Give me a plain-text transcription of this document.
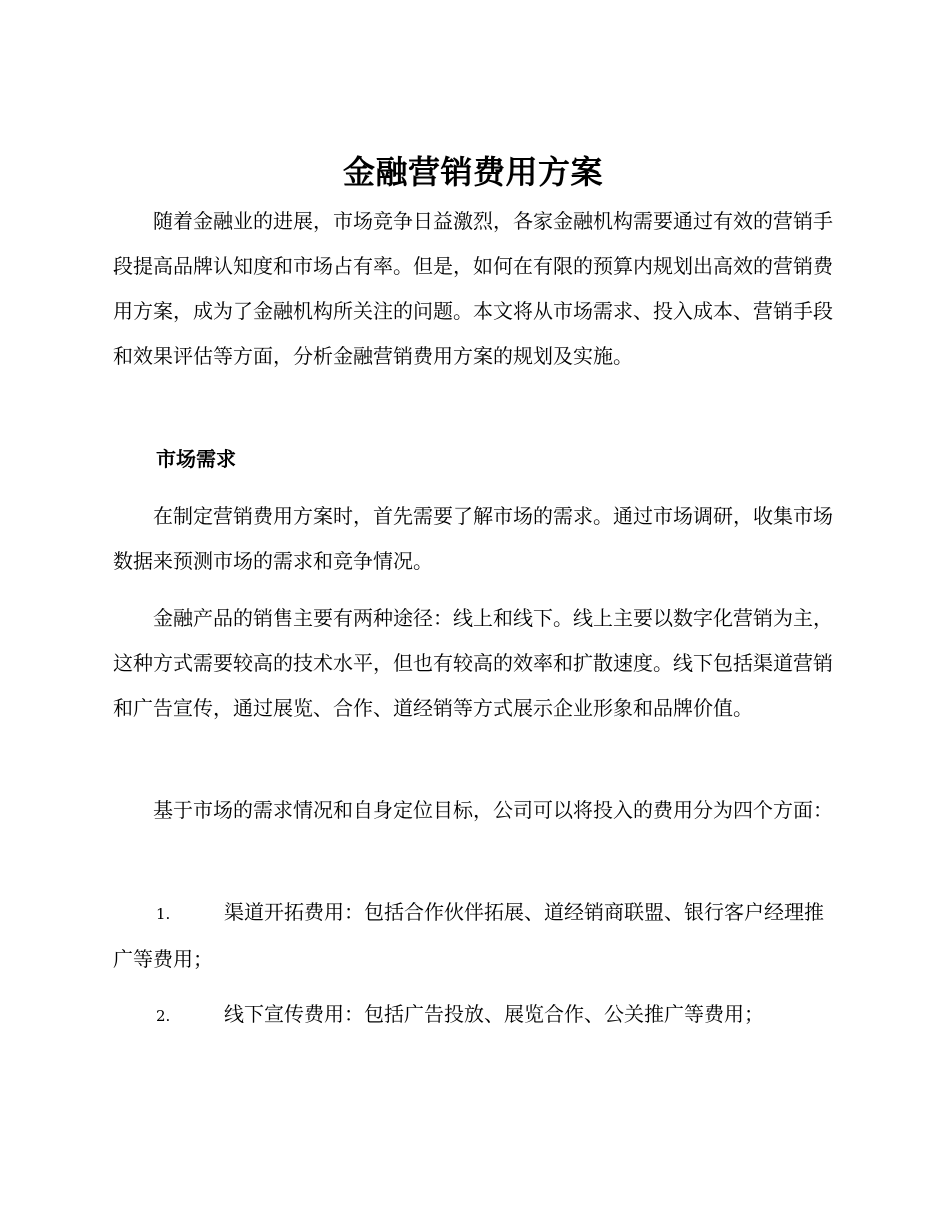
金融营销费用方案

随着金融业的进展，市场竞争日益激烈，各家金融机构需要通过有效的营销手段提高品牌认知度和市场占有率。但是，如何在有限的预算内规划出高效的营销费用方案，成为了金融机构所关注的问题。本文将从市场需求、投入成本、营销手段和效果评估等方面，分析金融营销费用方案的规划及实施。

市场需求

在制定营销费用方案时，首先需要了解市场的需求。通过市场调研，收集市场数据来预测市场的需求和竞争情况。

金融产品的销售主要有两种途径：线上和线下。线上主要以数字化营销为主，这种方式需要较高的技术水平，但也有较高的效率和扩散速度。线下包括渠道营销和广告宣传，通过展览、合作、道经销等方式展示企业形象和品牌价值。

基于市场的需求情况和自身定位目标，公司可以将投入的费用分为四个方面：

1.	渠道开拓费用：包括合作伙伴拓展、道经销商联盟、银行客户经理推广等费用；
2.	线下宣传费用：包括广告投放、展览合作、公关推广等费用；
